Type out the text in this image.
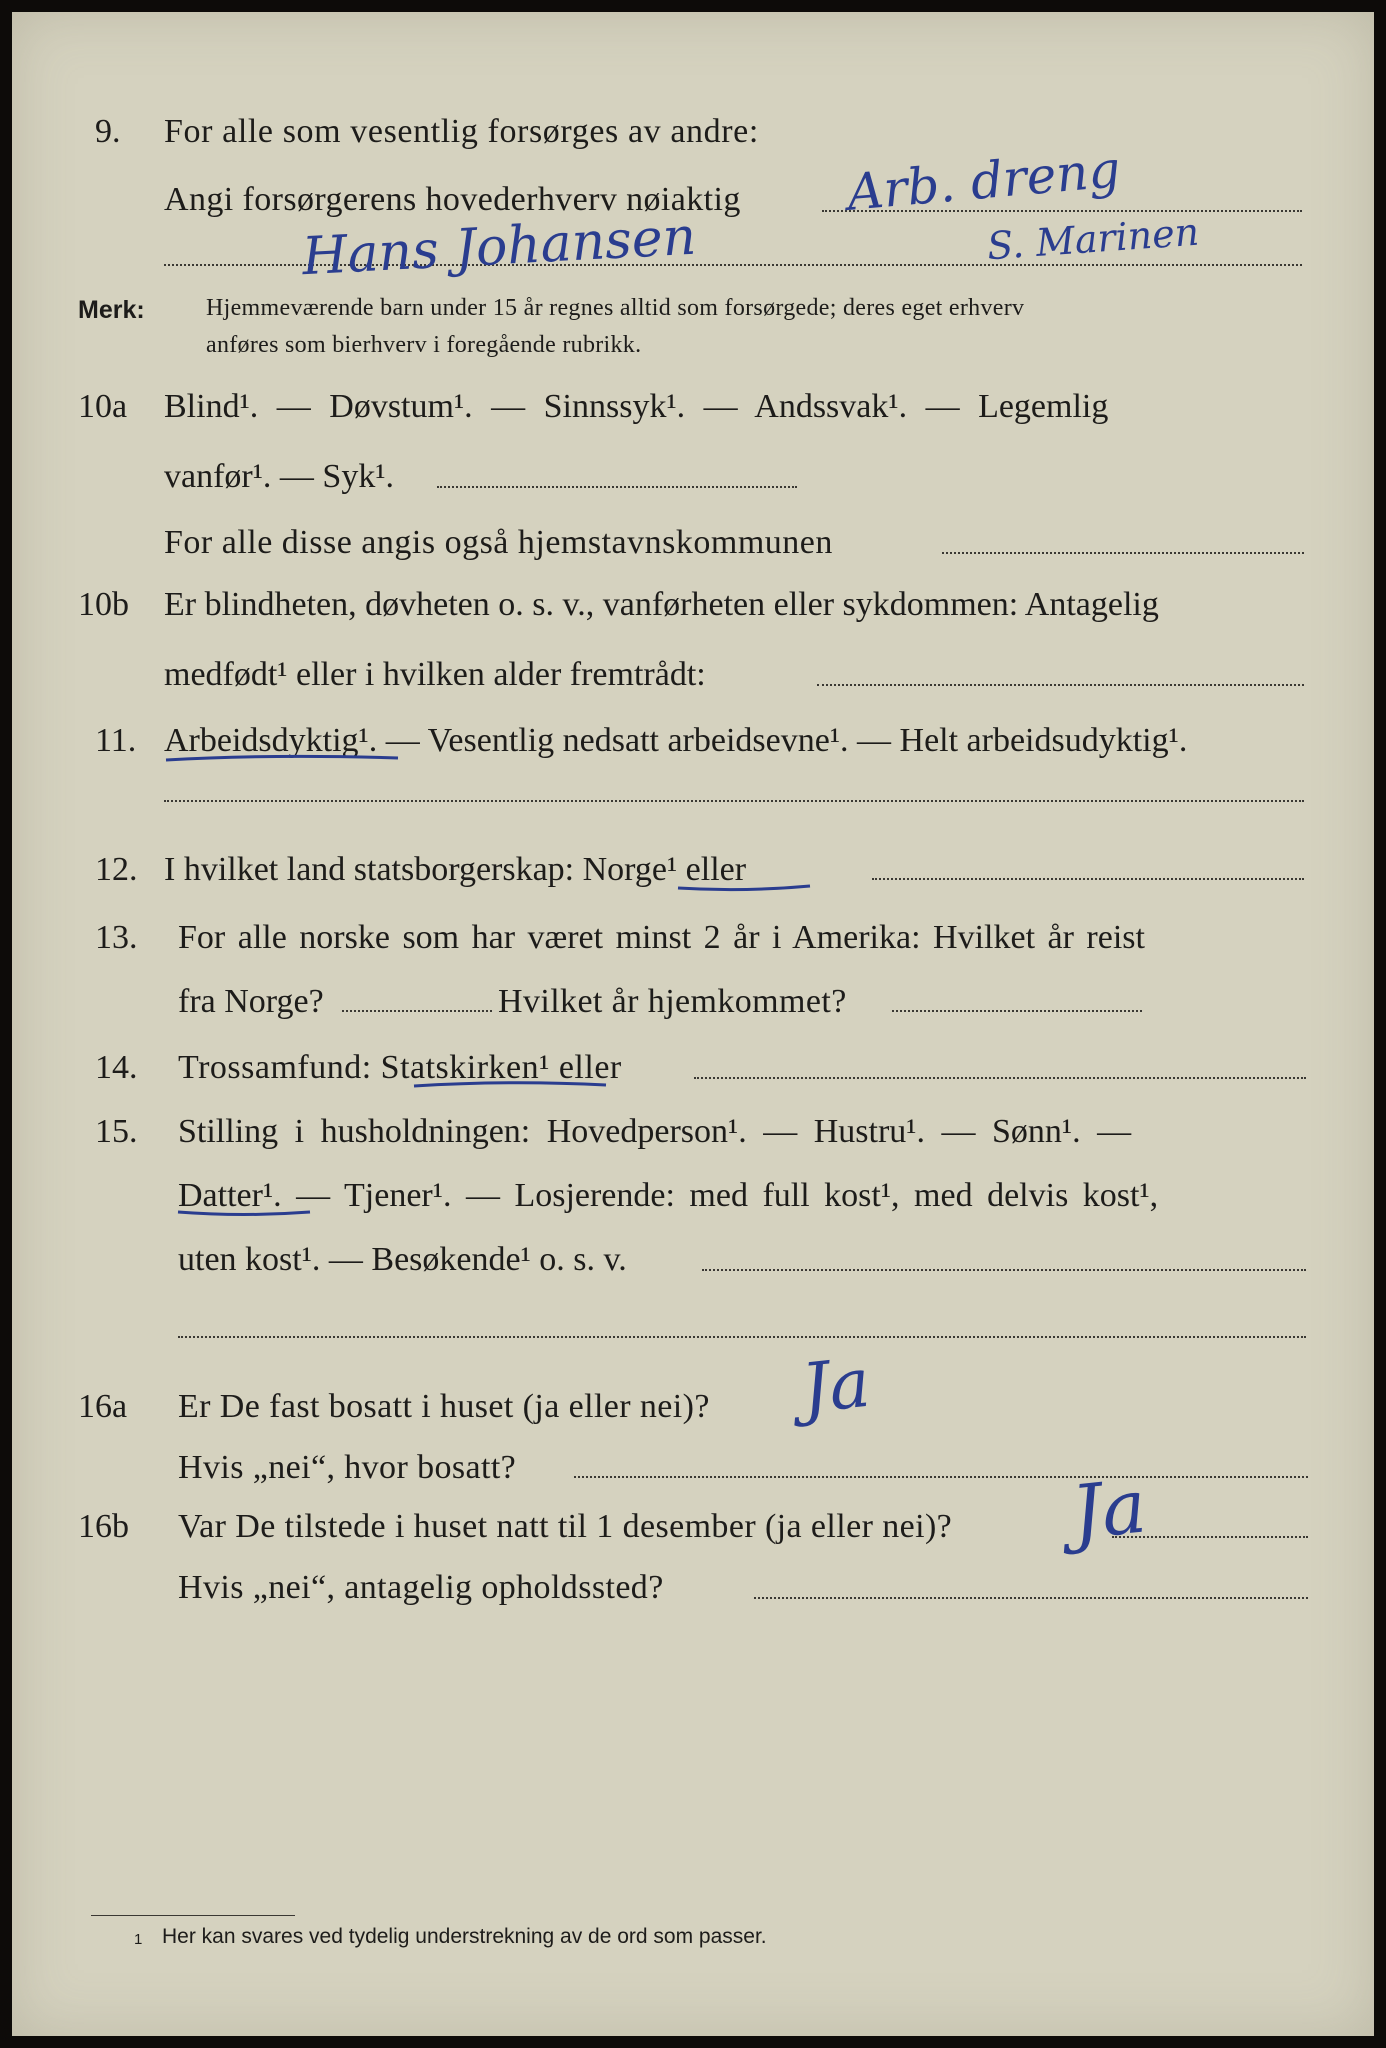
9. For alle som vesentlig forsørges av andre:
Angi forsørgerens hovederhverv nøiaktig Arb. dreng
Hans Johansen	S. Marinen
Merk:	Hjemmeværende barn under 15 år regnes alltid som forsørgede; deres eget erhverv
anføres som bierhverv i foregående rubrikk.
10a Blind¹. — Døvstum¹. — Sinnssyk¹. — Andssvak¹. — Legemlig
vanfør¹. — Syk¹.
For alle disse angis også hjemstavnskommunen
10b Er blindheten, døvheten o. s. v., vanførheten eller sykdommen: Antagelig
medfødt¹ eller i hvilken alder fremtrådt:
11. Arbeidsdyktig¹. — Vesentlig nedsatt arbeidsevne¹. — Helt arbeidsudyktig¹.
12. I hvilket land statsborgerskap: Norge¹ eller
13. For alle norske som har været minst 2 år i Amerika: Hvilket år reist
fra Norge?	Hvilket år hjemkommet?
14. Trossamfund: Statskirken¹ eller
15. Stilling i husholdningen: Hovedperson¹. — Hustru¹. — Sønn¹. —
Datter¹. — Tjener¹. — Losjerende: med full kost¹, med delvis kost¹,
uten kost¹. — Besøkende¹ o. s. v.
16a Er De fast bosatt i huset (ja eller nei)? Ja
Hvis „nei“, hvor bosatt?
16b Var De tilstede i huset natt til 1 desember (ja eller nei)? Ja
Hvis „nei“, antagelig opholdssted?
1 Her kan svares ved tydelig understrekning av de ord som passer.
